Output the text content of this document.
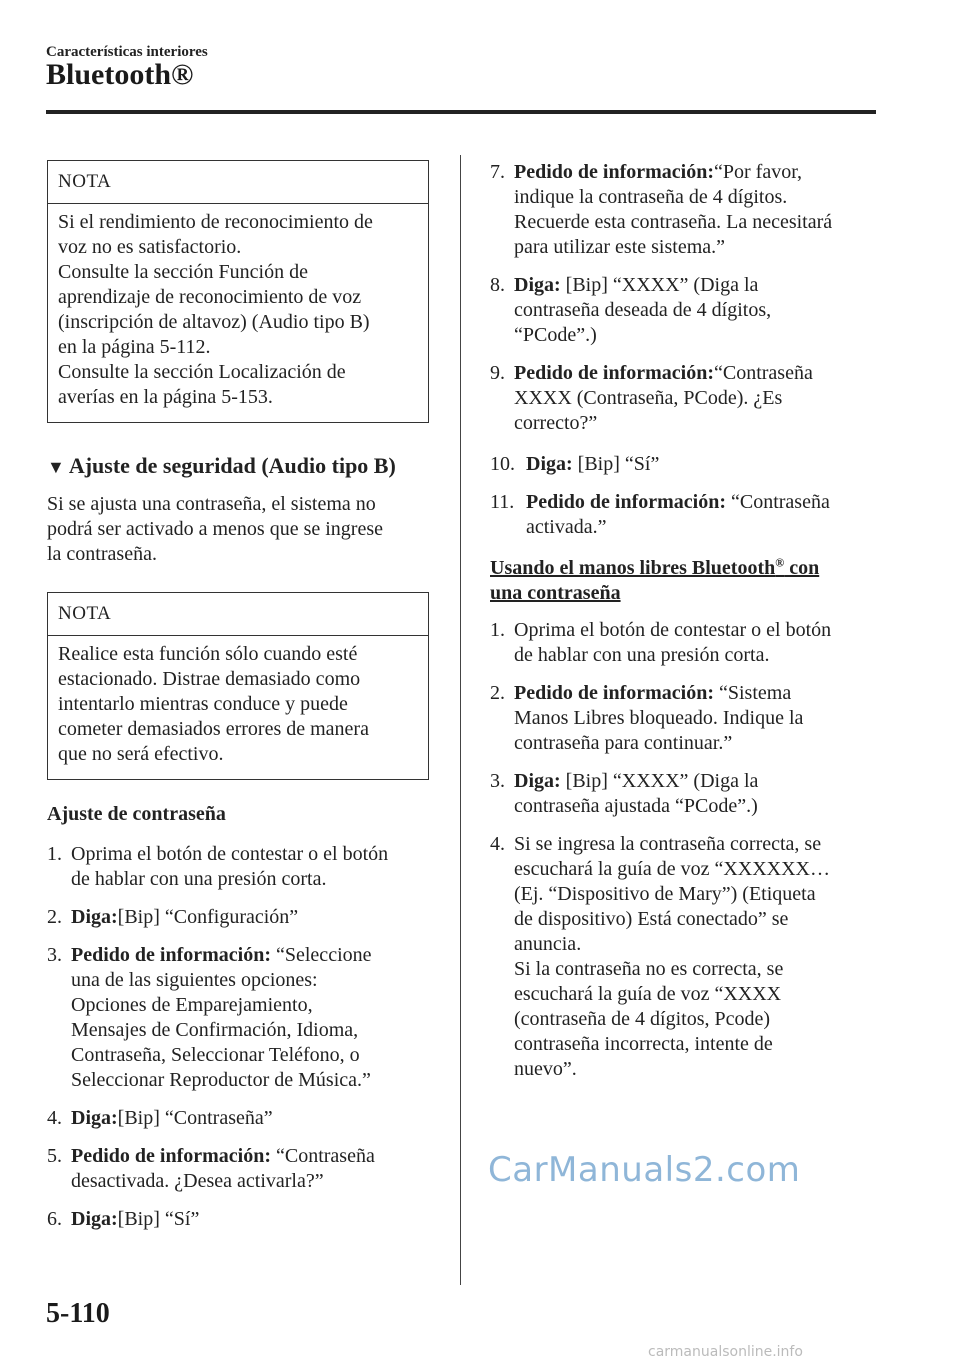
Características interiores
Bluetooth®
NOTA

Si el rendimiento de reconocimiento de

voz no es satisfactorio.

Consulte la sección Función de

aprendizaje de reconocimiento de voz

(inscripción de altavoz) (Audio tipo B)

en la página 5-112.

Consulte la sección Localización de

averías en la página 5-153.

▼ Ajuste de seguridad (Audio tipo B)
Si se ajusta una contraseña, el sistema no
podrá ser activado a menos que se ingrese
la contraseña.
NOTA

Realice esta función sólo cuando esté

estacionado. Distrae demasiado como

intentarlo mientras conduce y puede

cometer demasiados errores de manera

que no será efectivo.

Ajuste de contraseña
1. Oprima el botón de contestar o el botón
de hablar con una presión corta.
2. Diga:[Bip] “Configuración”
3. Pedido de información: “Seleccione
una de las siguientes opciones:
Opciones de Emparejamiento,
Mensajes de Confirmación, Idioma,
Contraseña, Seleccionar Teléfono, o
Seleccionar Reproductor de Música.”
4. Diga:[Bip] “Contraseña”
5. Pedido de información: “Contraseña
desactivada. ¿Desea activarla?”
6. Diga:[Bip] “Sí”
7. Pedido de información:“Por favor,
indique la contraseña de 4 dígitos.
Recuerde esta contraseña. La necesitará
para utilizar este sistema.”
8. Diga: [Bip] “XXXX” (Diga la
contraseña deseada de 4 dígitos,
“PCode”.)
9. Pedido de información:“Contraseña
XXXX (Contraseña, PCode). ¿Es
correcto?”
10. Diga: [Bip] “Sí”
11. Pedido de información: “Contraseña
activada.”
Usando el manos libres Bluetooth® con
una contraseña
1. Oprima el botón de contestar o el botón
de hablar con una presión corta.
2. Pedido de información: “Sistema
Manos Libres bloqueado. Indique la
contraseña para continuar.”
3. Diga: [Bip] “XXXX” (Diga la
contraseña ajustada “PCode”.)
4. Si se ingresa la contraseña correcta, se
escuchará la guía de voz “XXXXXX…
(Ej. “Dispositivo de Mary”) (Etiqueta
de dispositivo) Está conectado” se
anuncia.
Si la contraseña no es correcta, se
escuchará la guía de voz “XXXX
(contraseña de 4 dígitos, Pcode)
contraseña incorrecta, intente de
nuevo”.
CarManuals2.com
5-110
carmanualsonline.info
